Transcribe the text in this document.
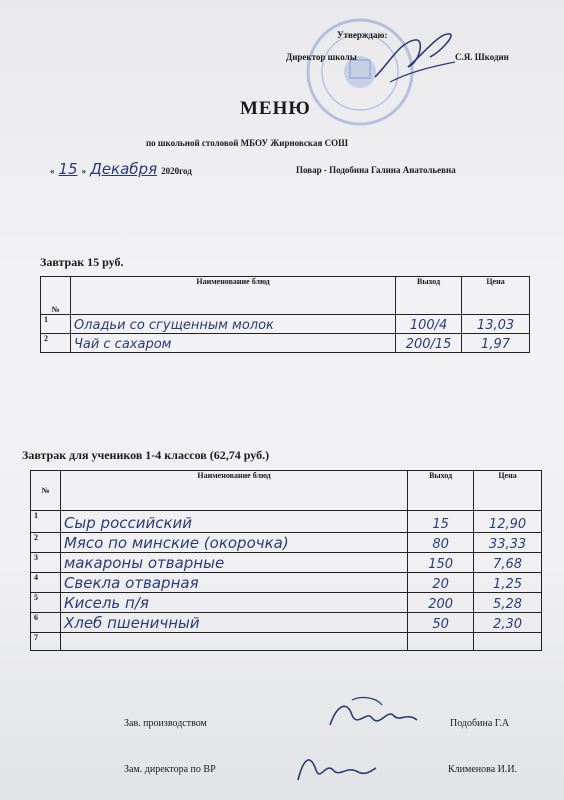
Утверждаю:
Директор школы	С.Я. Шкодин
МЕНЮ
по школьной столовой МБОУ Жирновская СОШ
« 15 » Декабря 2020год	Повар - Подобина Галина Анатольевна
Завтрак 15 руб.
№	Наименование блюд	Выход	Цена
1	Оладьи со сгущенным молок	100/4	13,03
2	Чай с сахаром	200/15	1,97
Завтрак для учеников 1-4 классов (62,74 руб.)
№	Наименование блюд	Выход	Цена
1	Сыр российский	15	12,90
2	Мясо по минские (окорочка)	80	33,33
3	макароны отварные	150	7,68
4	Свекла отварная	20	1,25
5	Кисель п/я	200	5,28
6	Хлеб пшеничный	50	2,30
7			
Зав. производством	Подобина Г.А
Зам. директора по ВР	Клименова И.И.
